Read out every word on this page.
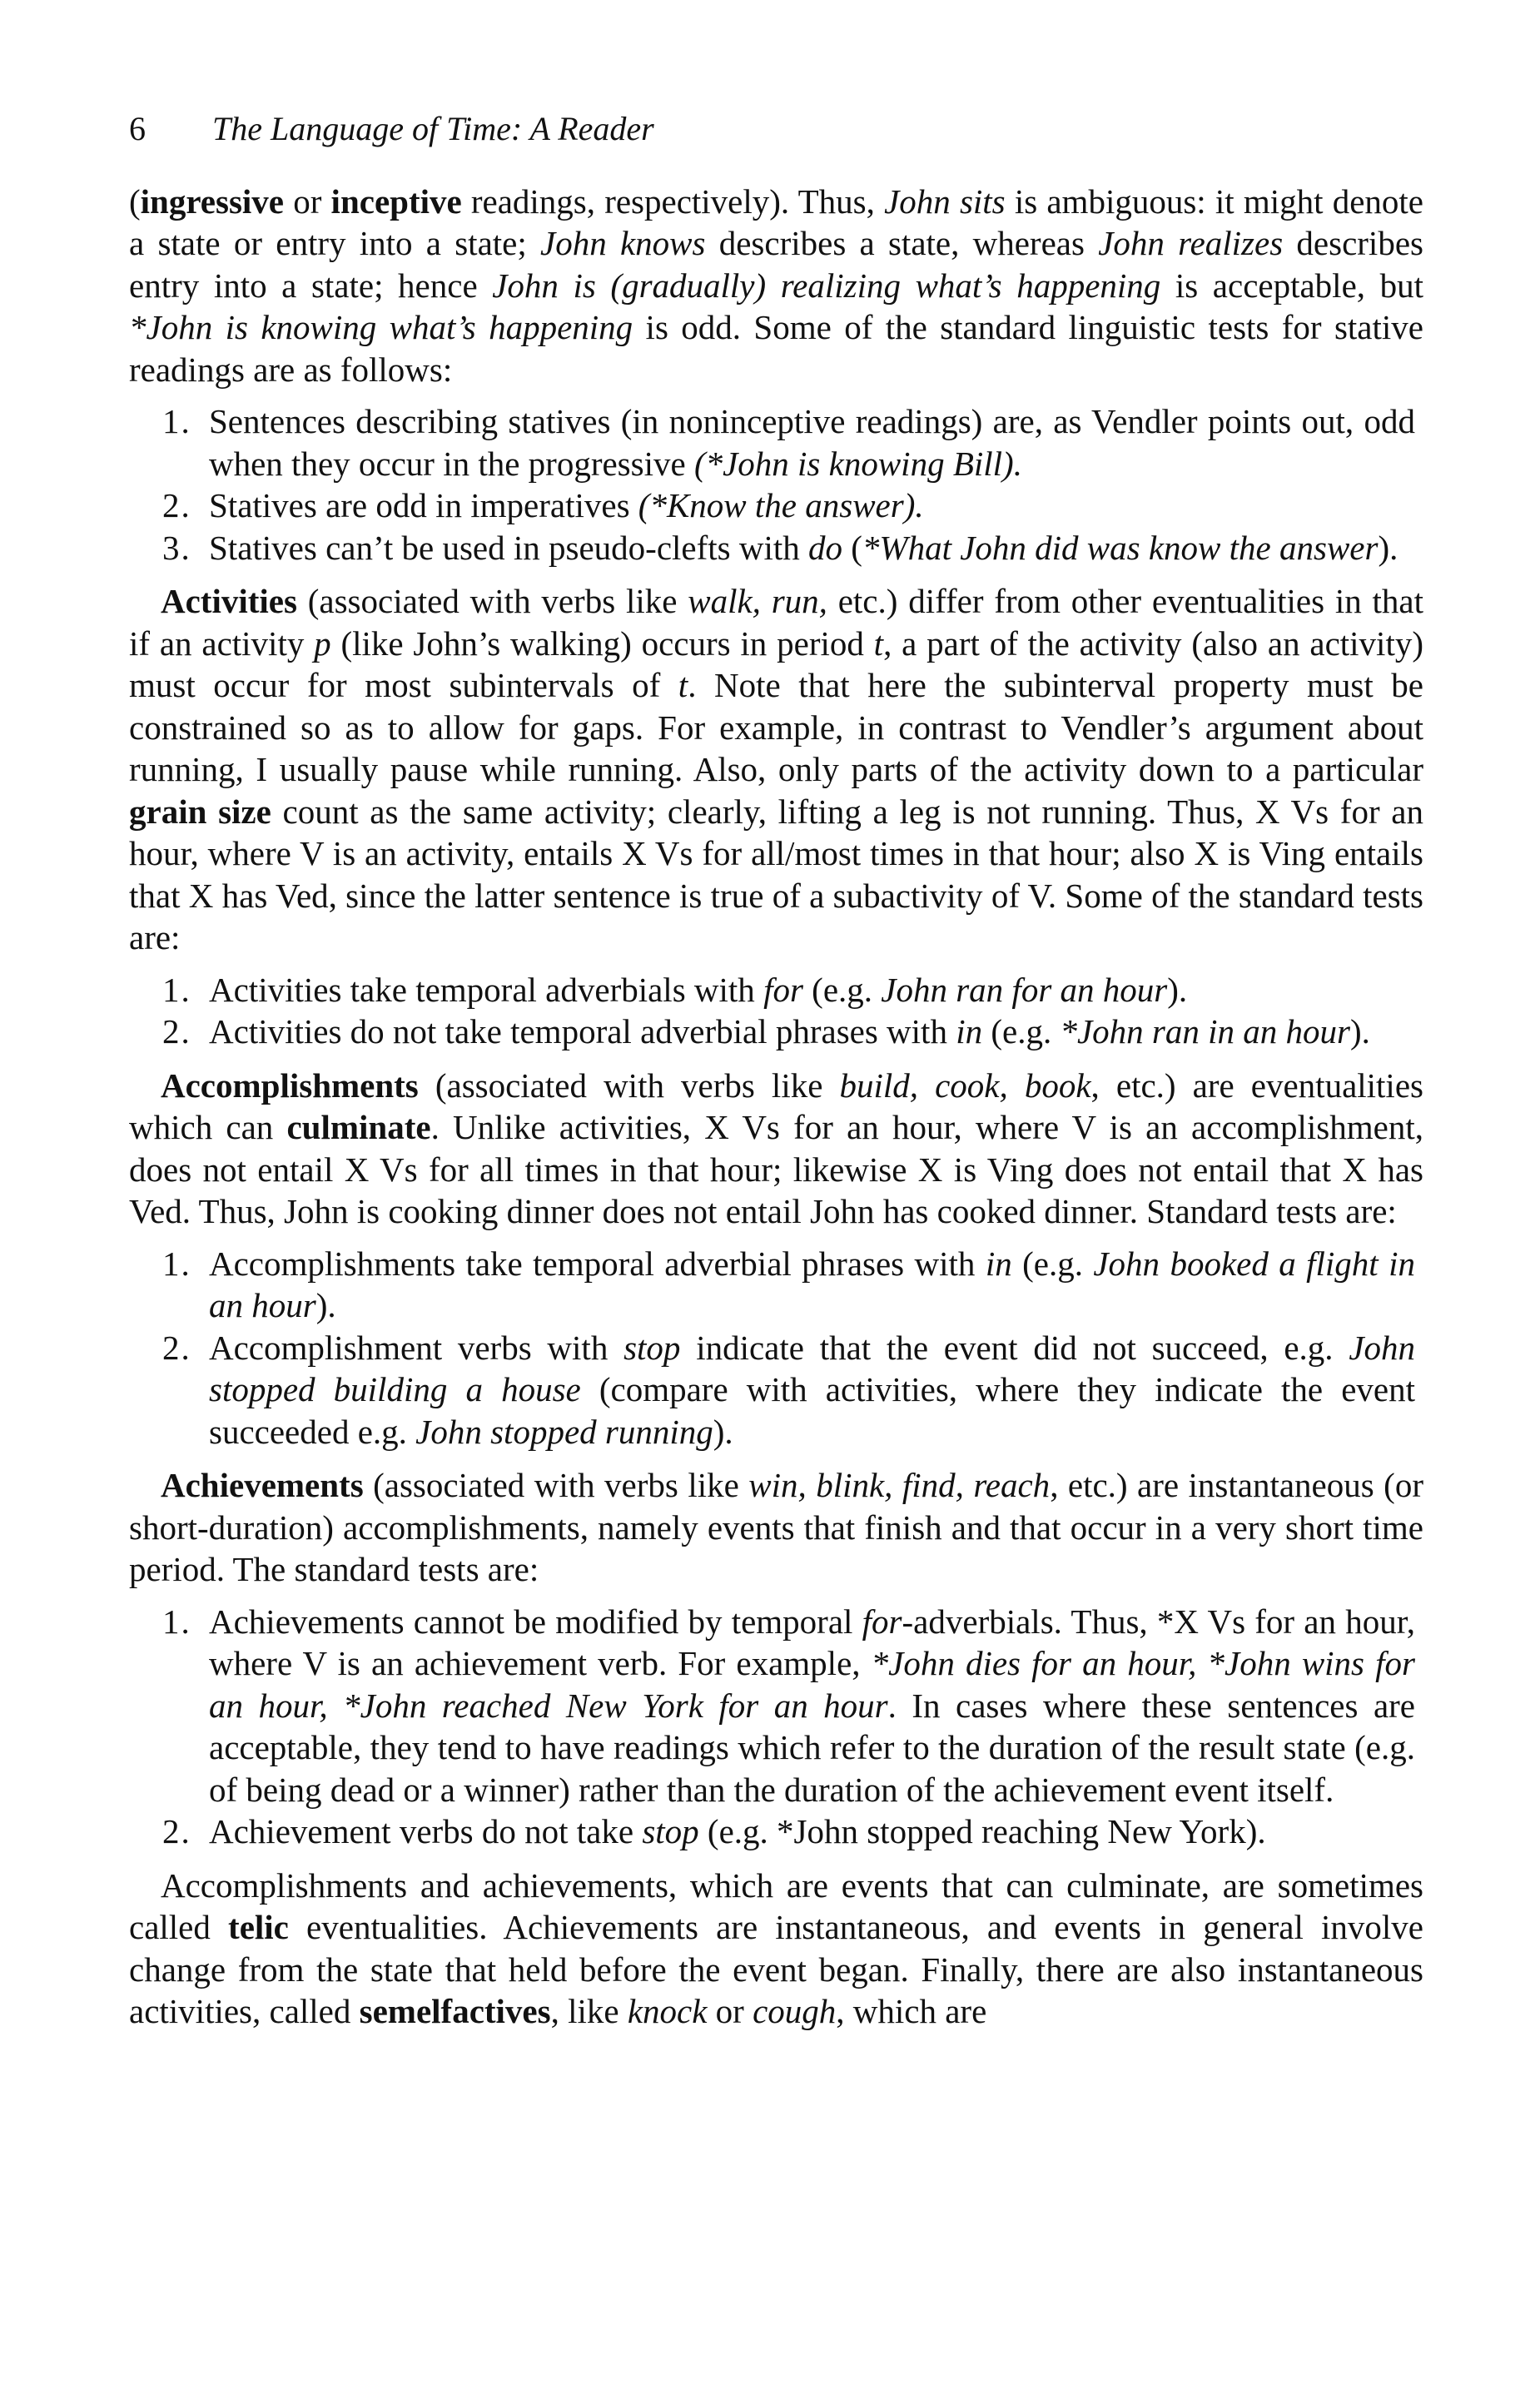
6 The Language of Time: A Reader

(ingressive or inceptive readings, respectively). Thus, John sits is ambiguous: it might denote a state or entry into a state; John knows describes a state, whereas John realizes describes entry into a state; hence John is (gradually) realizing what’s happening is acceptable, but *John is knowing what’s happening is odd. Some of the standard linguistic tests for stative readings are as follows:

1. Sentences describing statives (in noninceptive readings) are, as Vendler points out, odd when they occur in the progressive (*John is knowing Bill).
2. Statives are odd in imperatives (*Know the answer).
3. Statives can’t be used in pseudo-clefts with do (*What John did was know the answer).

Activities (associated with verbs like walk, run, etc.) differ from other eventualities in that if an activity p (like John’s walking) occurs in period t, a part of the activity (also an activity) must occur for most subintervals of t. Note that here the subinterval property must be constrained so as to allow for gaps. For example, in contrast to Vendler’s argument about running, I usually pause while running. Also, only parts of the activity down to a particular grain size count as the same activity; clearly, lifting a leg is not running. Thus, X Vs for an hour, where V is an activity, entails X Vs for all/most times in that hour; also X is Ving entails that X has Ved, since the latter sentence is true of a subactivity of V. Some of the standard tests are:

1. Activities take temporal adverbials with for (e.g. John ran for an hour).
2. Activities do not take temporal adverbial phrases with in (e.g. *John ran in an hour).

Accomplishments (associated with verbs like build, cook, book, etc.) are eventualities which can culminate. Unlike activities, X Vs for an hour, where V is an accomplishment, does not entail X Vs for all times in that hour; likewise X is Ving does not entail that X has Ved. Thus, John is cooking dinner does not entail John has cooked dinner. Standard tests are:

1. Accomplishments take temporal adverbial phrases with in (e.g. John booked a flight in an hour).
2. Accomplishment verbs with stop indicate that the event did not succeed, e.g. John stopped building a house (compare with activities, where they indicate the event succeeded e.g. John stopped running).

Achievements (associated with verbs like win, blink, find, reach, etc.) are instantaneous (or short-duration) accomplishments, namely events that finish and that occur in a very short time period. The standard tests are:

1. Achievements cannot be modified by temporal for-adverbials. Thus, *X Vs for an hour, where V is an achievement verb. For example, *John dies for an hour, *John wins for an hour, *John reached New York for an hour. In cases where these sentences are acceptable, they tend to have readings which refer to the duration of the result state (e.g. of being dead or a winner) rather than the duration of the achievement event itself.
2. Achievement verbs do not take stop (e.g. *John stopped reaching New York).

Accomplishments and achievements, which are events that can culminate, are sometimes called telic eventualities. Achievements are instantaneous, and events in general involve change from the state that held before the event began. Finally, there are also instantaneous activities, called semelfactives, like knock or cough, which are
